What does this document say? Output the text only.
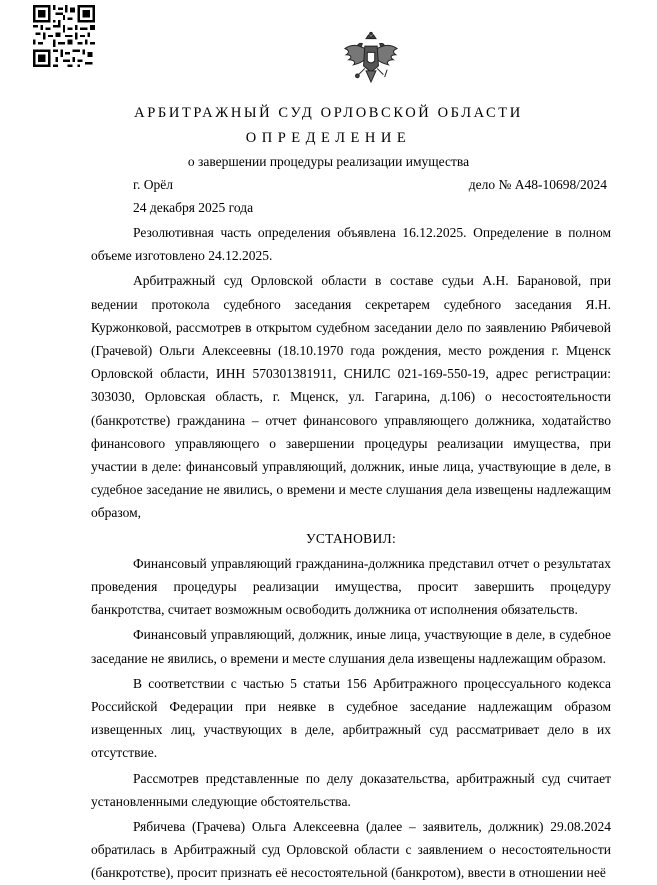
АРБИТРАЖНЫЙ СУД ОРЛОВСКОЙ ОБЛАСТИ
ОПРЕДЕЛЕНИЕ
о завершении процедуры реализации имущества
г. Орёл	дело № А48-10698/2024
24 декабря 2025 года

Резолютивная часть определения объявлена 16.12.2025. Определение в полном объеме изготовлено 24.12.2025.

Арбитражный суд Орловской области в составе судьи А.Н. Барановой, при ведении протокола судебного заседания секретарем судебного заседания Я.Н. Куржонковой, рассмотрев в открытом судебном заседании дело по заявлению Рябичевой (Грачевой) Ольги Алексеевны (18.10.1970 года рождения, место рождения г. Мценск Орловской области, ИНН 570301381911, СНИЛС 021-169-550-19, адрес регистрации: 303030, Орловская область, г. Мценск, ул. Гагарина, д.106) о несостоятельности (банкротстве) гражданина – отчет финансового управляющего должника, ходатайство финансового управляющего о завершении процедуры реализации имущества, при участии в деле: финансовый управляющий, должник, иные лица, участвующие в деле, в судебное заседание не явились, о времени и месте слушания дела извещены надлежащим образом,

УСТАНОВИЛ:

Финансовый управляющий гражданина-должника представил отчет о результатах проведения процедуры реализации имущества, просит завершить процедуру банкротства, считает возможным освободить должника от исполнения обязательств.

Финансовый управляющий, должник, иные лица, участвующие в деле, в судебное заседание не явились, о времени и месте слушания дела извещены надлежащим образом.

В соответствии с частью 5 статьи 156 Арбитражного процессуального кодекса Российской Федерации при неявке в судебное заседание надлежащим образом извещенных лиц, участвующих в деле, арбитражный суд рассматривает дело в их отсутствие.

Рассмотрев представленные по делу доказательства, арбитражный суд считает установленными следующие обстоятельства.

Рябичева (Грачева) Ольга Алексеевна (далее – заявитель, должник) 29.08.2024 обратилась в Арбитражный суд Орловской области с заявлением о несостоятельности (банкротстве), просит признать её несостоятельной (банкротом), ввести в отношении неё
